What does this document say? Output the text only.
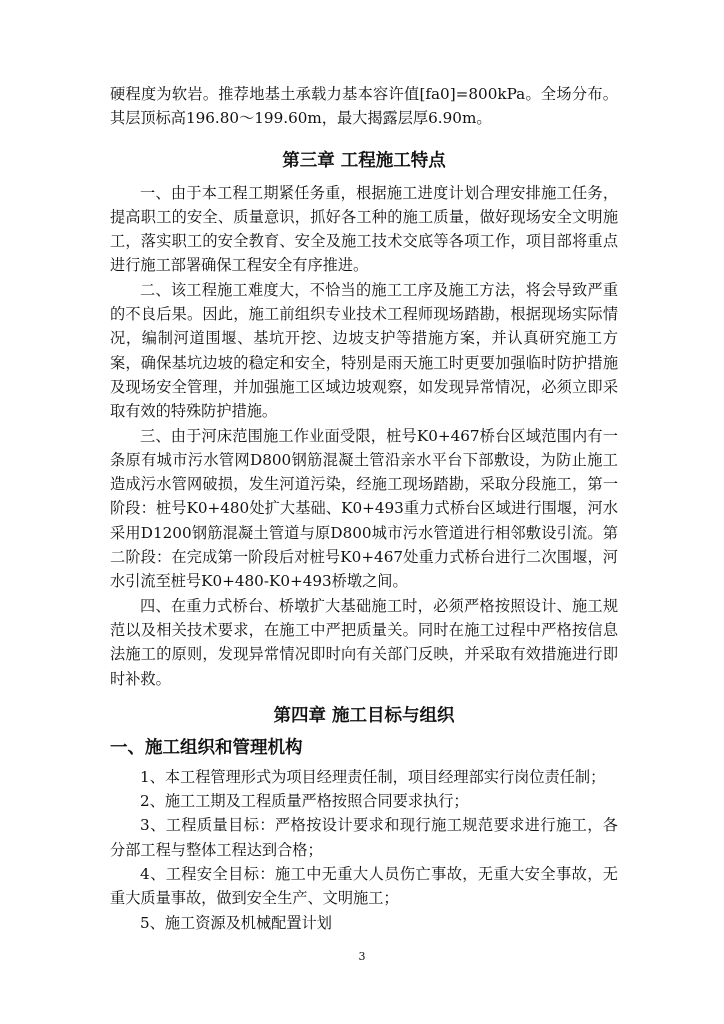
硬程度为软岩。推荐地基土承载力基本容许值[fa0]=800kPa。全场分布。其层顶标高196.80～199.60m，最大揭露层厚6.90m。

第三章 工程施工特点

一、由于本工程工期紧任务重，根据施工进度计划合理安排施工任务，提高职工的安全、质量意识，抓好各工种的施工质量，做好现场安全文明施工，落实职工的安全教育、安全及施工技术交底等各项工作，项目部将重点进行施工部署确保工程安全有序推进。

二、该工程施工难度大，不恰当的施工工序及施工方法，将会导致严重的不良后果。因此，施工前组织专业技术工程师现场踏勘，根据现场实际情况，编制河道围堰、基坑开挖、边坡支护等措施方案，并认真研究施工方案，确保基坑边坡的稳定和安全，特别是雨天施工时更要加强临时防护措施及现场安全管理，并加强施工区域边坡观察，如发现异常情况，必须立即采取有效的特殊防护措施。

三、由于河床范围施工作业面受限，桩号K0+467桥台区域范围内有一条原有城市污水管网D800钢筋混凝土管沿亲水平台下部敷设，为防止施工造成污水管网破损，发生河道污染，经施工现场踏勘，采取分段施工，第一阶段：桩号K0+480处扩大基础、K0+493重力式桥台区域进行围堰，河水采用D1200钢筋混凝土管道与原D800城市污水管道进行相邻敷设引流。第二阶段：在完成第一阶段后对桩号K0+467处重力式桥台进行二次围堰，河水引流至桩号K0+480-K0+493桥墩之间。

四、在重力式桥台、桥墩扩大基础施工时，必须严格按照设计、施工规范以及相关技术要求，在施工中严把质量关。同时在施工过程中严格按信息法施工的原则，发现异常情况即时向有关部门反映，并采取有效措施进行即时补救。

第四章 施工目标与组织
一、施工组织和管理机构

1、本工程管理形式为项目经理责任制，项目经理部实行岗位责任制；

2、施工工期及工程质量严格按照合同要求执行；

3、工程质量目标：严格按设计要求和现行施工规范要求进行施工，各分部工程与整体工程达到合格；

4、工程安全目标：施工中无重大人员伤亡事故，无重大安全事故，无重大质量事故，做到安全生产、文明施工；

5、施工资源及机械配置计划

3
